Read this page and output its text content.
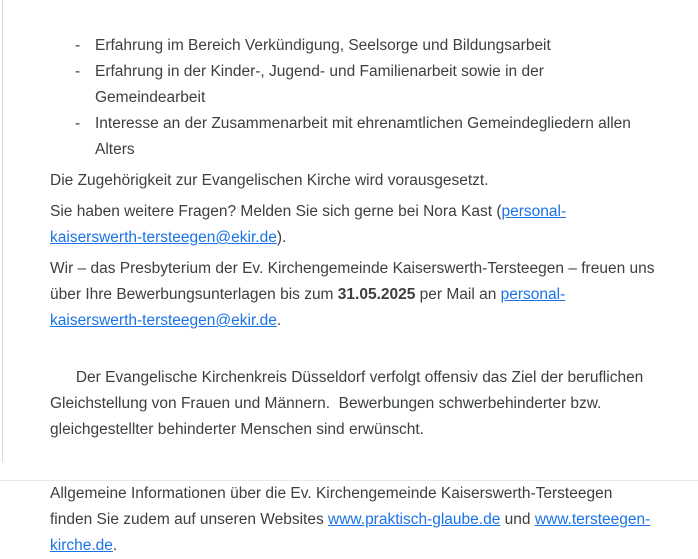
- Erfahrung im Bereich Verkündigung, Seelsorge und Bildungsarbeit
- Erfahrung in der Kinder-, Jugend- und Familienarbeit sowie in der Gemeindearbeit
- Interesse an der Zusammenarbeit mit ehrenamtlichen Gemeindegliedern allen Alters

Die Zugehörigkeit zur Evangelischen Kirche wird vorausgesetzt.

Sie haben weitere Fragen? Melden Sie sich gerne bei Nora Kast (personal-kaiserswerth-tersteegen@ekir.de).

Wir – das Presbyterium der Ev. Kirchengemeinde Kaiserswerth-Tersteegen – freuen uns über Ihre Bewerbungsunterlagen bis zum 31.05.2025 per Mail an personal-kaiserswerth-tersteegen@ekir.de.

Der Evangelische Kirchenkreis Düsseldorf verfolgt offensiv das Ziel der beruflichen Gleichstellung von Frauen und Männern.  Bewerbungen schwerbehinderter bzw. gleichgestellter behinderter Menschen sind erwünscht.

Allgemeine Informationen über die Ev. Kirchengemeinde Kaiserswerth-Tersteegen finden Sie zudem auf unseren Websites www.praktisch-glaube.de und www.tersteegen-kirche.de.
